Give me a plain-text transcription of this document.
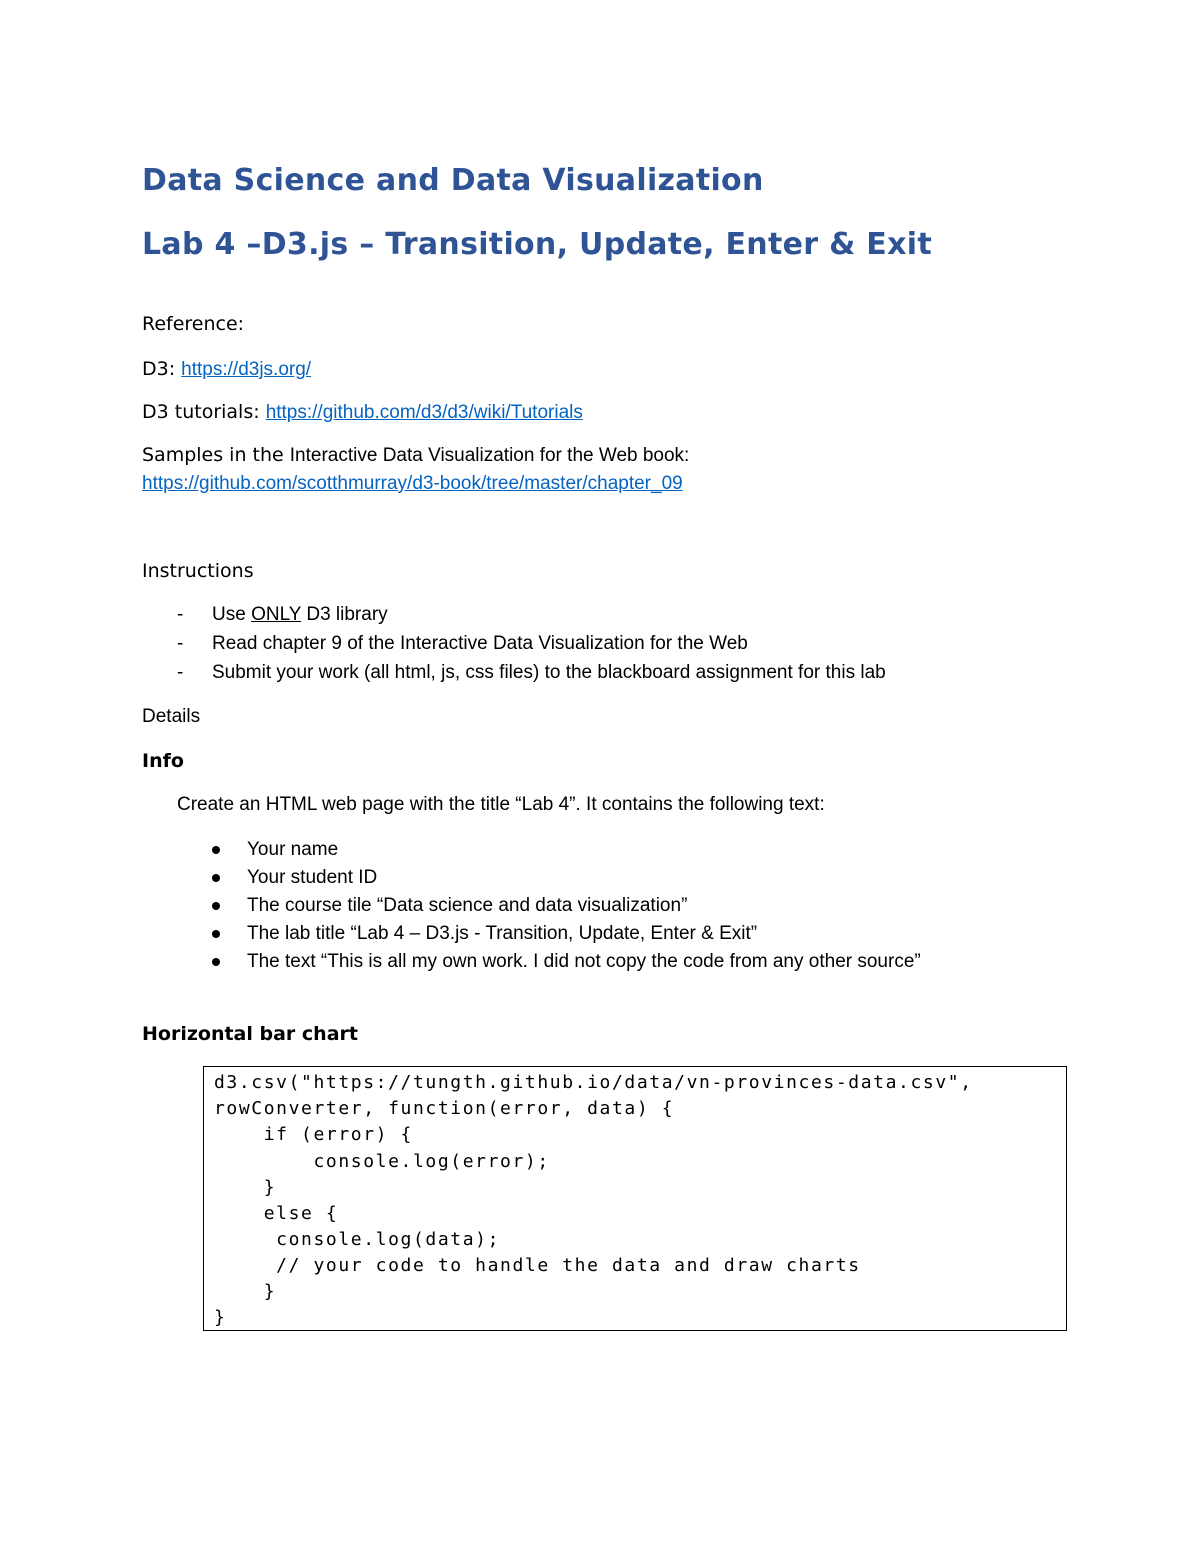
Data Science and Data Visualization
Lab 4 –D3.js – Transition, Update, Enter & Exit
Reference:
D3: https://d3js.org/
D3 tutorials: https://github.com/d3/d3/wiki/Tutorials
Samples in the Interactive Data Visualization for the Web book:
https://github.com/scotthmurray/d3-book/tree/master/chapter_09
Instructions
- Use ONLY D3 library
- Read chapter 9 of the Interactive Data Visualization for the Web
- Submit your work (all html, js, css files) to the blackboard assignment for this lab
Details
Info
Create an HTML web page with the title “Lab 4”. It contains the following text:
Your name
Your student ID
The course tile “Data science and data visualization”
The lab title “Lab 4 – D3.js - Transition, Update, Enter & Exit”
The text “This is all my own work. I did not copy the code from any other source”
Horizontal bar chart
d3.csv("https://tungth.github.io/data/vn-provinces-data.csv",
rowConverter, function(error, data) {
if (error) {
console.log(error);
}
else {
console.log(data);
// your code to handle the data and draw charts
}
}
